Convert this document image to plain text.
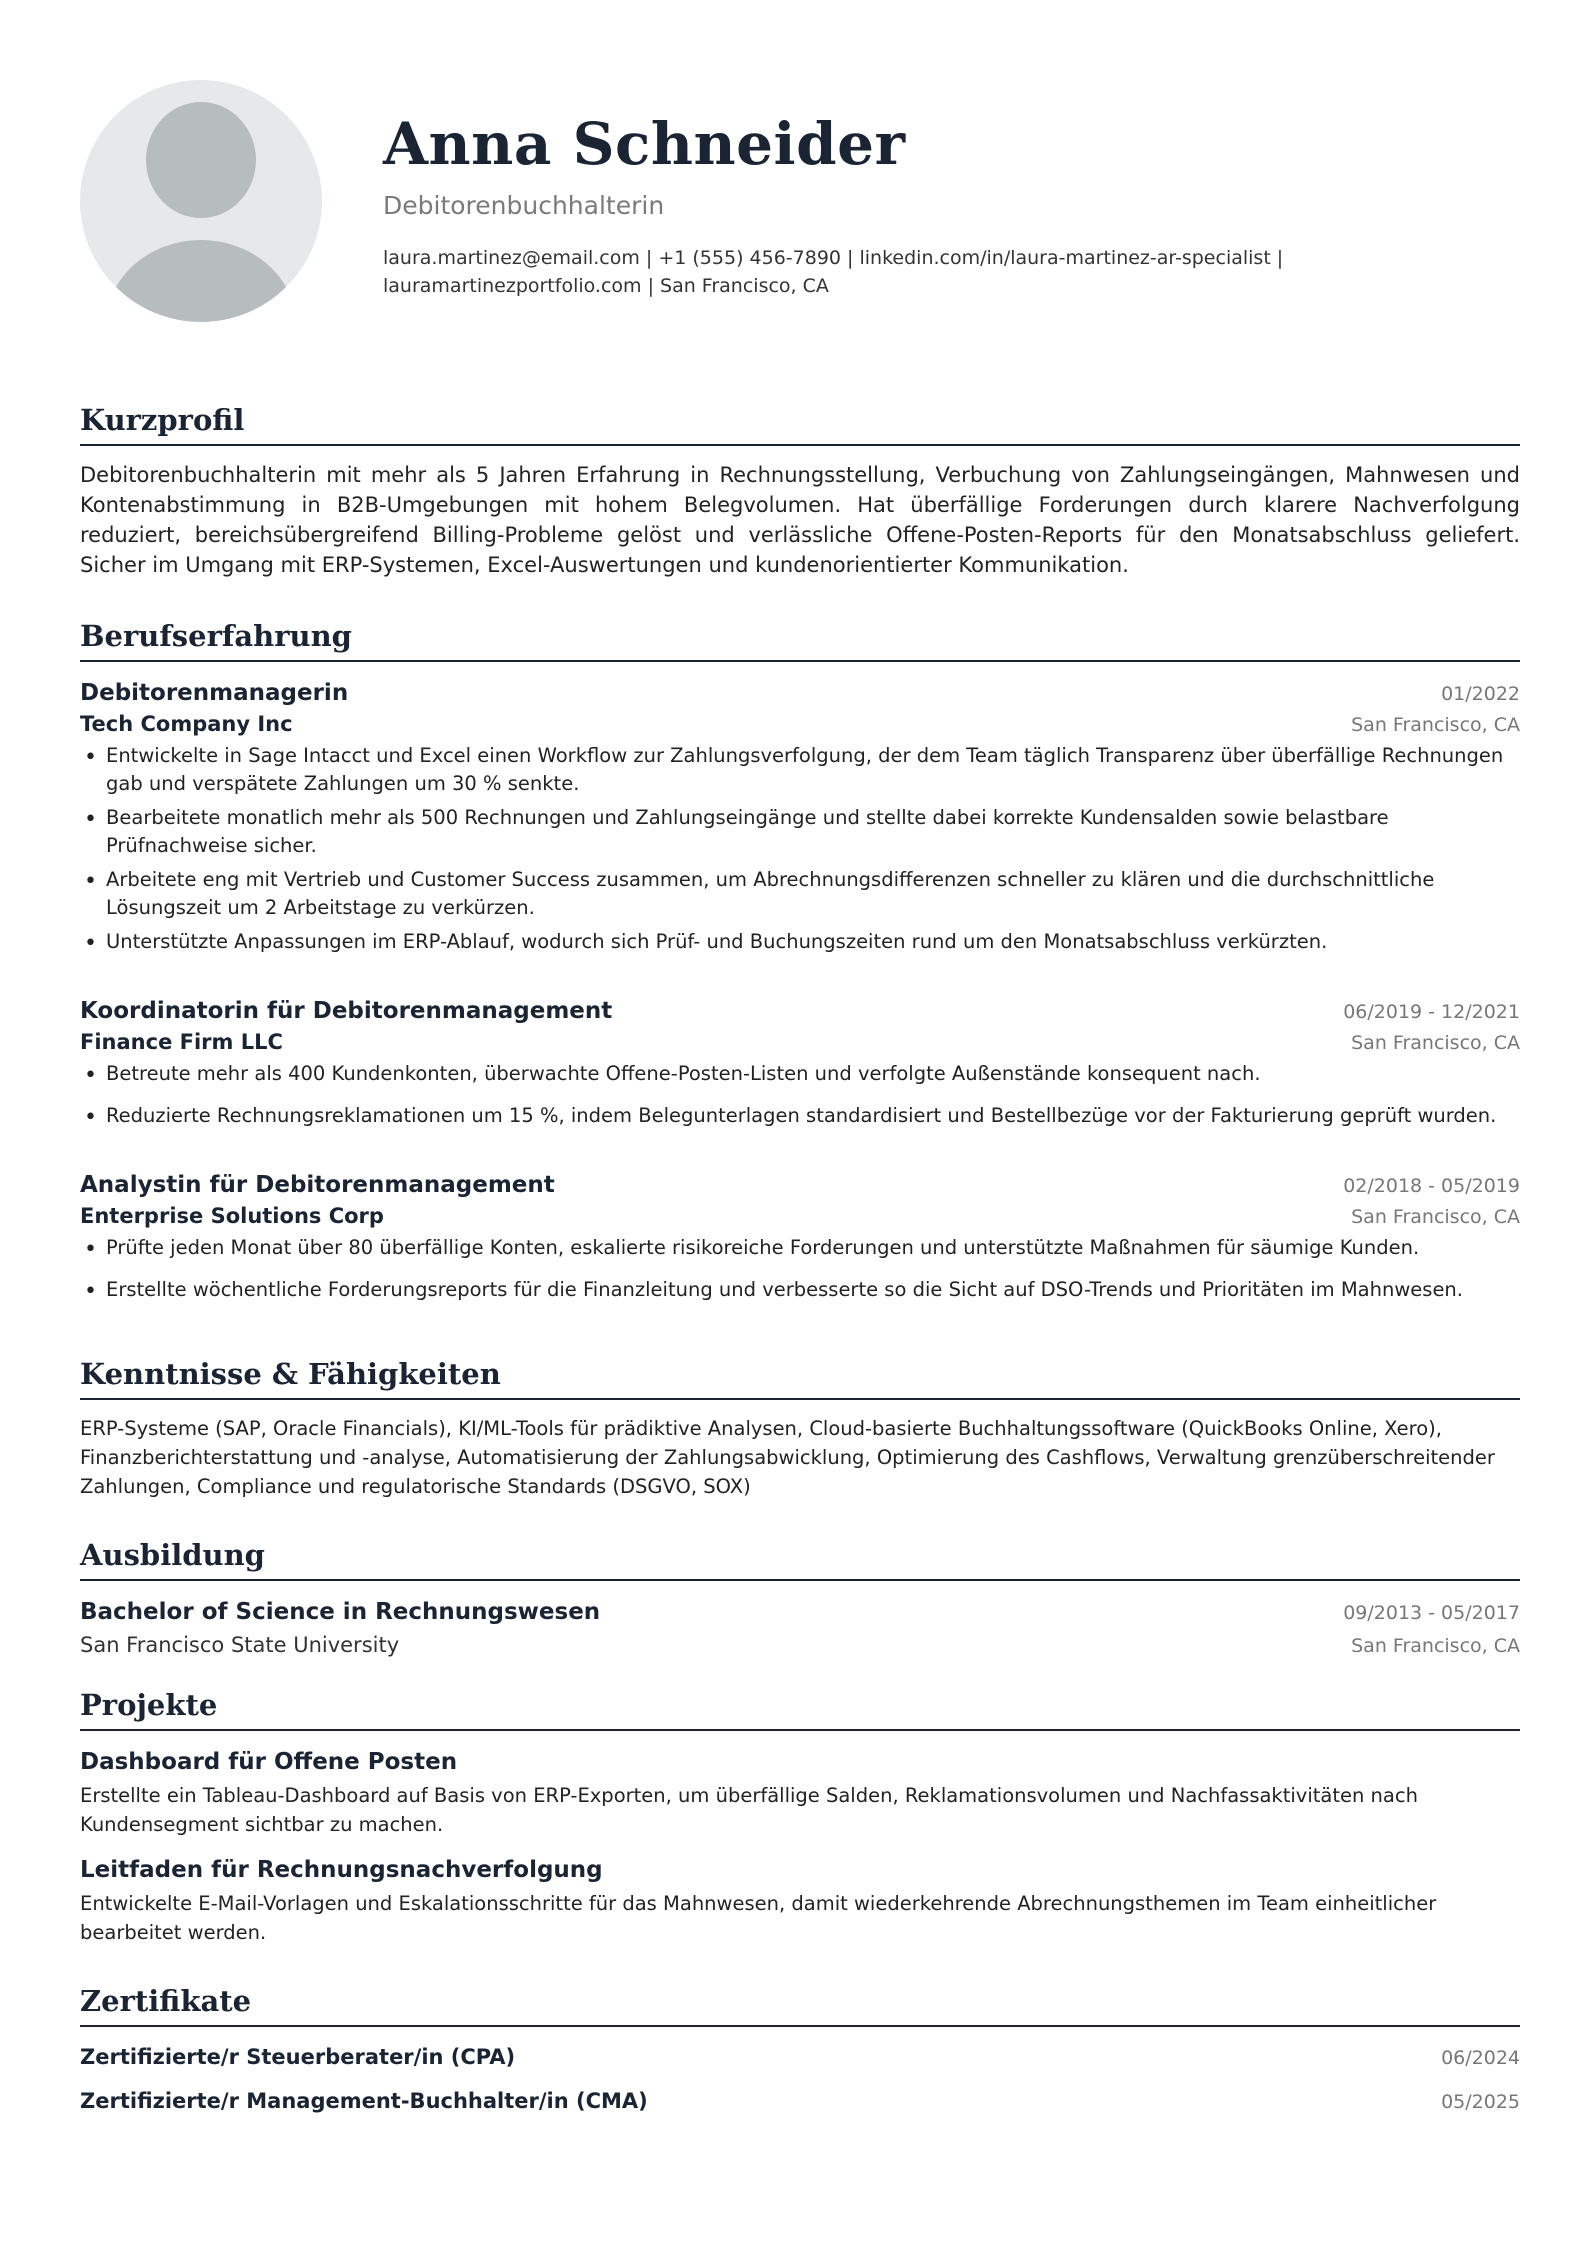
Anna Schneider
Debitorenbuchhalterin
laura.martinez@email.com | +1 (555) 456-7890 | linkedin.com/in/laura-martinez-ar-specialist |
lauramartinezportfolio.com | San Francisco, CA
Kurzprofil

Debitorenbuchhalterin mit mehr als 5 Jahren Erfahrung in Rechnungsstellung, Verbuchung von Zahlungseingängen, Mahnwesen und Kontenabstimmung in B2B-Umgebungen mit hohem Belegvolumen. Hat überfällige Forderungen durch klarere Nachverfolgung reduziert, bereichsübergreifend Billing-Probleme gelöst und verlässliche Offene-Posten-Reports für den Monatsabschluss geliefert. Sicher im Umgang mit ERP-Systemen, Excel-Auswertungen und kundenorientierter Kommunikation.

Berufserfahrung
Debitorenmanagerin	01/2022
Tech Company Inc	San Francisco, CA
• Entwickelte in Sage Intacct und Excel einen Workflow zur Zahlungsverfolgung, der dem Team täglich Transparenz über überfällige Rechnungen gab und verspätete Zahlungen um 30 % senkte.
• Bearbeitete monatlich mehr als 500 Rechnungen und Zahlungseingänge und stellte dabei korrekte Kundensalden sowie belastbare Prüfnachweise sicher.
• Arbeitete eng mit Vertrieb und Customer Success zusammen, um Abrechnungsdifferenzen schneller zu klären und die durchschnittliche Lösungszeit um 2 Arbeitstage zu verkürzen.
• Unterstützte Anpassungen im ERP-Ablauf, wodurch sich Prüf- und Buchungszeiten rund um den Monatsabschluss verkürzten.
Koordinatorin für Debitorenmanagement	06/2019 - 12/2021
Finance Firm LLC	San Francisco, CA
• Betreute mehr als 400 Kundenkonten, überwachte Offene-Posten-Listen und verfolgte Außenstände konsequent nach.
• Reduzierte Rechnungsreklamationen um 15 %, indem Belegunterlagen standardisiert und Bestellbezüge vor der Fakturierung geprüft wurden.
Analystin für Debitorenmanagement	02/2018 - 05/2019
Enterprise Solutions Corp	San Francisco, CA
• Prüfte jeden Monat über 80 überfällige Konten, eskalierte risikoreiche Forderungen und unterstützte Maßnahmen für säumige Kunden.
• Erstellte wöchentliche Forderungsreports für die Finanzleitung und verbesserte so die Sicht auf DSO-Trends und Prioritäten im Mahnwesen.
Kenntnisse & Fähigkeiten

ERP-Systeme (SAP, Oracle Financials), KI/ML-Tools für prädiktive Analysen, Cloud-basierte Buchhaltungssoftware (QuickBooks Online, Xero), Finanzberichterstattung und -analyse, Automatisierung der Zahlungsabwicklung, Optimierung des Cashflows, Verwaltung grenzüberschreitender Zahlungen, Compliance und regulatorische Standards (DSGVO, SOX)

Ausbildung
Bachelor of Science in Rechnungswesen	09/2013 - 05/2017
San Francisco State University	San Francisco, CA
Projekte
Dashboard für Offene Posten
Erstellte ein Tableau-Dashboard auf Basis von ERP-Exporten, um überfällige Salden, Reklamationsvolumen und Nachfassaktivitäten nach Kundensegment sichtbar zu machen.
Leitfaden für Rechnungsnachverfolgung
Entwickelte E-Mail-Vorlagen und Eskalationsschritte für das Mahnwesen, damit wiederkehrende Abrechnungsthemen im Team einheitlicher bearbeitet werden.
Zertifikate
Zertifizierte/r Steuerberater/in (CPA)	06/2024
Zertifizierte/r Management-Buchhalter/in (CMA)	05/2025
